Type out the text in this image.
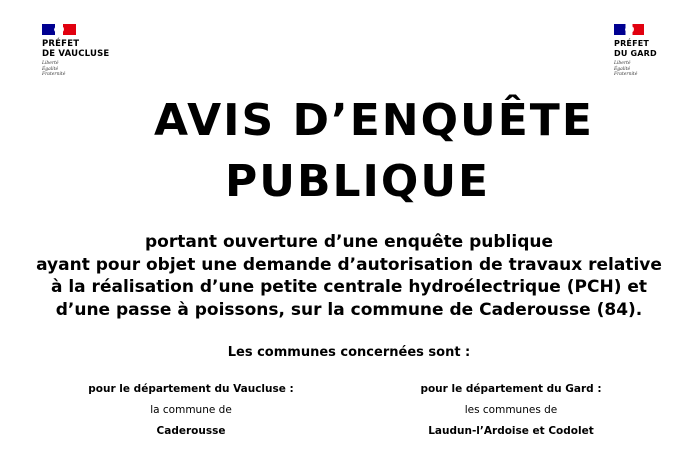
PRÉFET
DE VAUCLUSE
Liberté
Égalité
Fraternité
PRÉFET
DU GARD
Liberté
Égalité
Fraternité
AVIS D’ENQUÊTE
PUBLIQUE

portant ouverture d’une enquête publique
ayant pour objet une demande d’autorisation de travaux relative
à la réalisation d’une petite centrale hydroélectrique (PCH) et
d’une passe à poissons, sur la commune de Caderousse (84).

Les communes concernées sont :

pour le département du Vaucluse :
la commune de
Caderousse
pour le département du Gard :
les communes de
Laudun-l’Ardoise et Codolet
